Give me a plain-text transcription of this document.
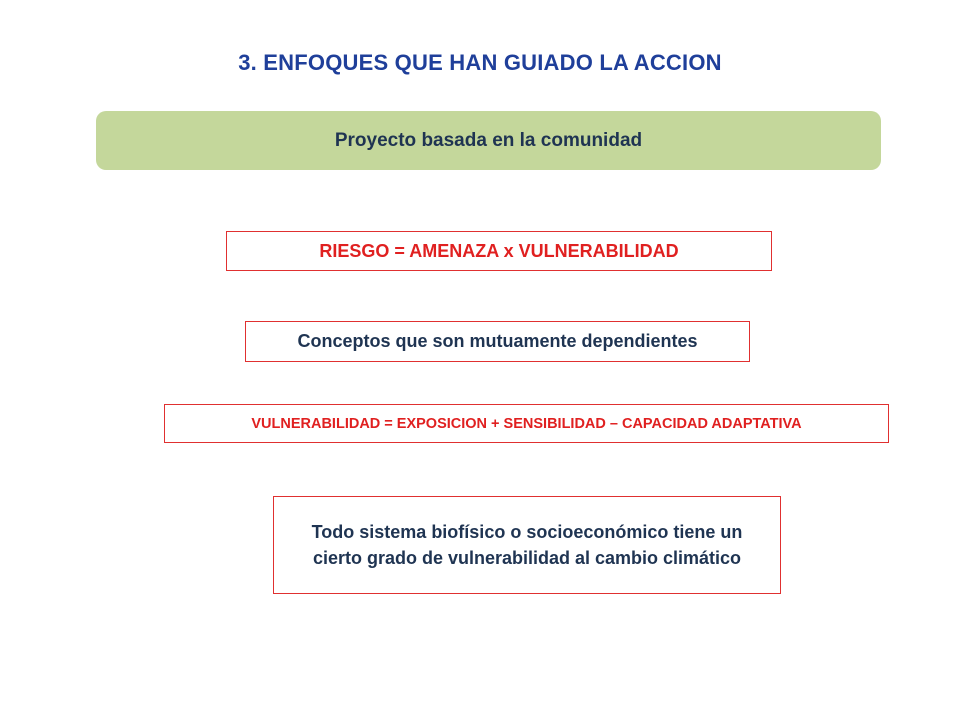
3. ENFOQUES QUE HAN GUIADO LA ACCION
Proyecto basada en la comunidad
RIESGO = AMENAZA x VULNERABILIDAD
Conceptos que son mutuamente dependientes
VULNERABILIDAD = EXPOSICION + SENSIBILIDAD – CAPACIDAD ADAPTATIVA
Todo sistema biofísico o socioeconómico tiene un cierto grado de vulnerabilidad al cambio climático
